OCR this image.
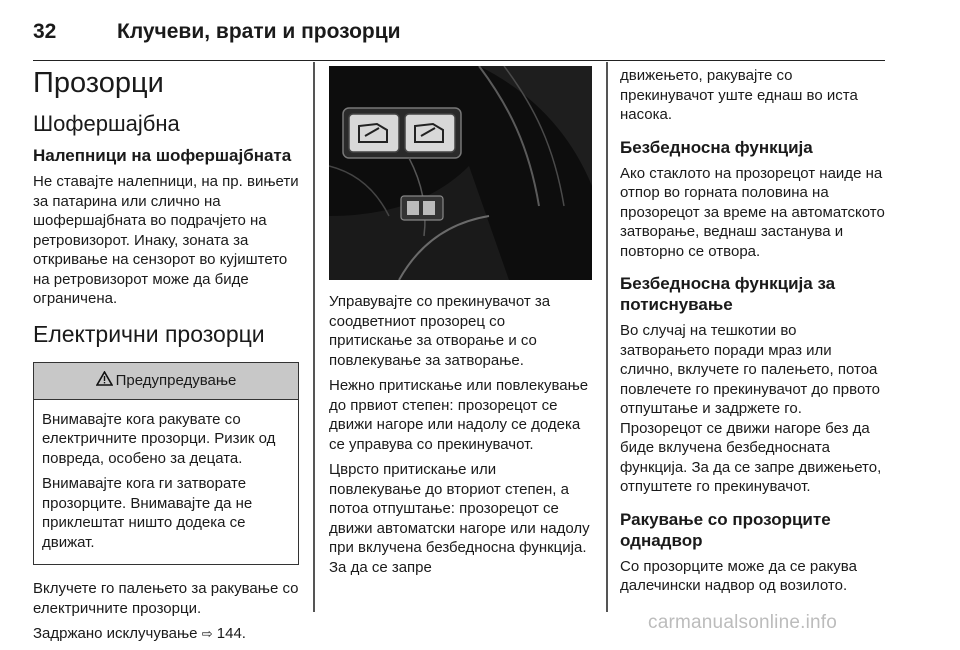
32	Клучеви, врати и прозорци
Прозорци
Шофершајбна
Налепници на шофершајбната

Не ставајте налепници, на пр. вињети за патарина или слично на шофершајбната во подрачјето на ретровизорот. Инаку, зоната за откривање на сензорот во кујиштето на ретровизорот може да биде ограничена.

Електрични прозорци
Предупредување

Внимавајте кога ракувате со електричните прозорци. Ризик од повреда, особено за децата.

Внимавајте кога ги затворате прозорците. Внимавајте да не приклештат ништо додека се движат.

Вклучете го палењето за ракување со електричните прозорци.

Задржано исклучување ⇨ 144.

Управувајте со прекинувачот за соодветниот прозорец со притискање за отворање и со повлекување за затворање.

Нежно притискање или повлекување до првиот степен: прозорецот се движи нагоре или надолу се додека се управува со прекинувачот.

Цврсто притискање или повлекување до вториот степен, а потоа отпуштање: прозорецот се движи автоматски нагоре или надолу при вклучена безбедносна функција. За да се запре

движењето, ракувајте со прекинувачот уште еднаш во иста насока.

Безбедносна функција

Ако стаклото на прозорецот наиде на отпор во горната половина на прозорецот за време на автоматското затворање, веднаш застанува и повторно се отвора.

Безбедносна функција за потиснување

Во случај на тешкотии во затворањето поради мраз или слично, вклучете го палењето, потоа повлечете го прекинувачот до првото отпуштање и задржете го. Прозорецот се движи нагоре без да биде вклучена безбедносната функција. За да се запре движењето, отпуштете го прекинувачот.

Ракување со прозорците однадвор

Со прозорците може да се ракува далечински надвор од возилото.

carmanualsonline.info
